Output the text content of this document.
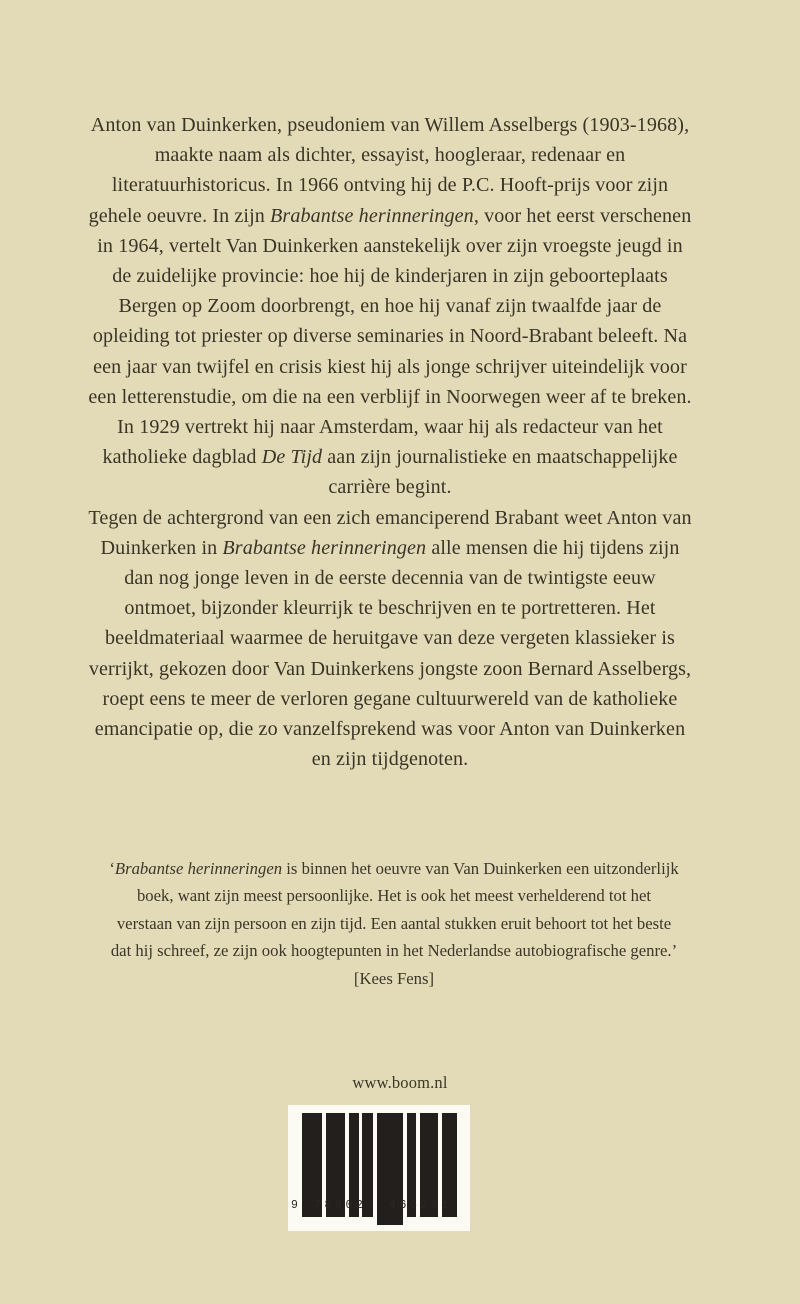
Anton van Duinkerken, pseudoniem van Willem Asselbergs (1903-1968), maakte naam als dichter, essayist, hoogleraar, redenaar en literatuurhistoricus. In 1966 ontving hij de P.C. Hooft-prijs voor zijn gehele oeuvre. In zijn Brabantse herinneringen, voor het eerst verschenen in 1964, vertelt Van Duinkerken aanstekelijk over zijn vroegste jeugd in de zuidelijke provincie: hoe hij de kinderjaren in zijn geboorteplaats Bergen op Zoom doorbrengt, en hoe hij vanaf zijn twaalfde jaar de opleiding tot priester op diverse seminaries in Noord-Brabant beleeft. Na een jaar van twijfel en crisis kiest hij als jonge schrijver uiteindelijk voor een letterenstudie, om die na een verblijf in Noorwegen weer af te breken. In 1929 vertrekt hij naar Amsterdam, waar hij als redacteur van het katholieke dagblad De Tijd aan zijn journalistieke en maatschappelijke carrière begint.

Tegen de achtergrond van een zich emanciperend Brabant weet Anton van Duinkerken in Brabantse herinneringen alle mensen die hij tijdens zijn dan nog jonge leven in de eerste decennia van de twintigste eeuw ontmoet, bijzonder kleurrijk te beschrijven en te portretteren. Het beeldmateriaal waarmee de heruitgave van deze vergeten klassieker is verrijkt, gekozen door Van Duinkerkens jongste zoon Bernard Asselbergs, roept eens te meer de verloren gegane cultuurwereld van de katholieke emancipatie op, die zo vanzelfsprekend was voor Anton van Duinkerken en zijn tijdgenoten.

‘Brabantse herinneringen is binnen het oeuvre van Van Duinkerken een uitzonderlijk boek, want zijn meest persoonlijke. Het is ook het meest verhelderend tot het verstaan van zijn persoon en zijn tijd. Een aantal stukken eruit behoort tot het beste dat hij schreef, ze zijn ook hoogtepunten in het Nederlandse autobiografische genre.’ [Kees Fens]

www.boom.nl
9 789024 466201
